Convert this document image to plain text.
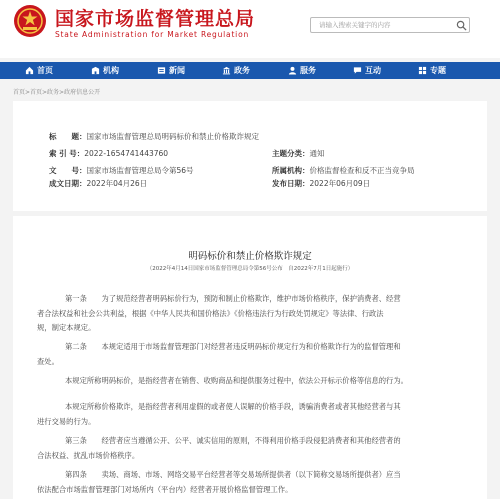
国家市场监督管理总局
State Administration for Market Regulation
请输入搜索关键字的内容
首页	机构	新闻	政务	服务	互动	专题
首页>首页>政务>政府信息公开
标　　题：国家市场监督管理总局明码标价和禁止价格欺诈规定
索 引 号：2022-1654741443760	主题分类：通知
文　　号：国家市场监督管理总局令第56号	所属机构：价格监督检查和反不正当竞争局
成文日期：2022年04月26日	发布日期：2022年06月09日
明码标价和禁止价格欺诈规定
（2022年4月14日国家市场监督管理总局令第56号公布　自2022年7月1日起施行）
第一条　　为了规范经营者明码标价行为，预防和制止价格欺诈，维护市场价格秩序，保护消费者、经营
者合法权益和社会公共利益，根据《中华人民共和国价格法》《价格违法行为行政处罚规定》等法律、行政法
规，制定本规定。
第二条　　本规定适用于市场监督管理部门对经营者违反明码标价规定行为和价格欺诈行为的监督管理和
查处。
本规定所称明码标价，是指经营者在销售、收购商品和提供服务过程中，依法公开标示价格等信息的行为。
本规定所称价格欺诈，是指经营者利用虚假的或者使人误解的价格手段，诱骗消费者或者其他经营者与其
进行交易的行为。
第三条　　经营者应当遵循公开、公平、诚实信用的原则，不得利用价格手段侵犯消费者和其他经营者的
合法权益、扰乱市场价格秩序。
第四条　　卖场、商场、市场、网络交易平台经营者等交易场所提供者（以下简称交易场所提供者）应当
依法配合市场监督管理部门对场所内（平台内）经营者开展价格监督管理工作。
